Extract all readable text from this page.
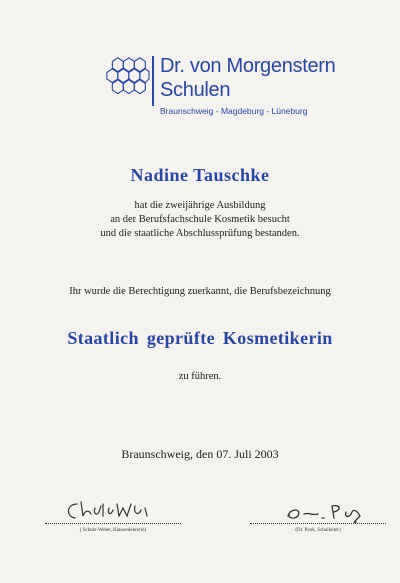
Dr. von Morgenstern
Schulen
Braunschweig - Magdeburg - Lüneburg
Nadine Tauschke
hat die zweijährige Ausbildung
an der Berufsfachschule Kosmetik besucht
und die staatliche Abschlussprüfung bestanden.
Ihr wurde die Berechtigung zuerkannt, die Berufsbezeichnung
Staatlich geprüfte Kosmetikerin
zu führen.
Braunschweig, den 07. Juli 2003
( Schulz-Weber, Klassenlehrerin)	(Dr. Pook, Schulleiter)
